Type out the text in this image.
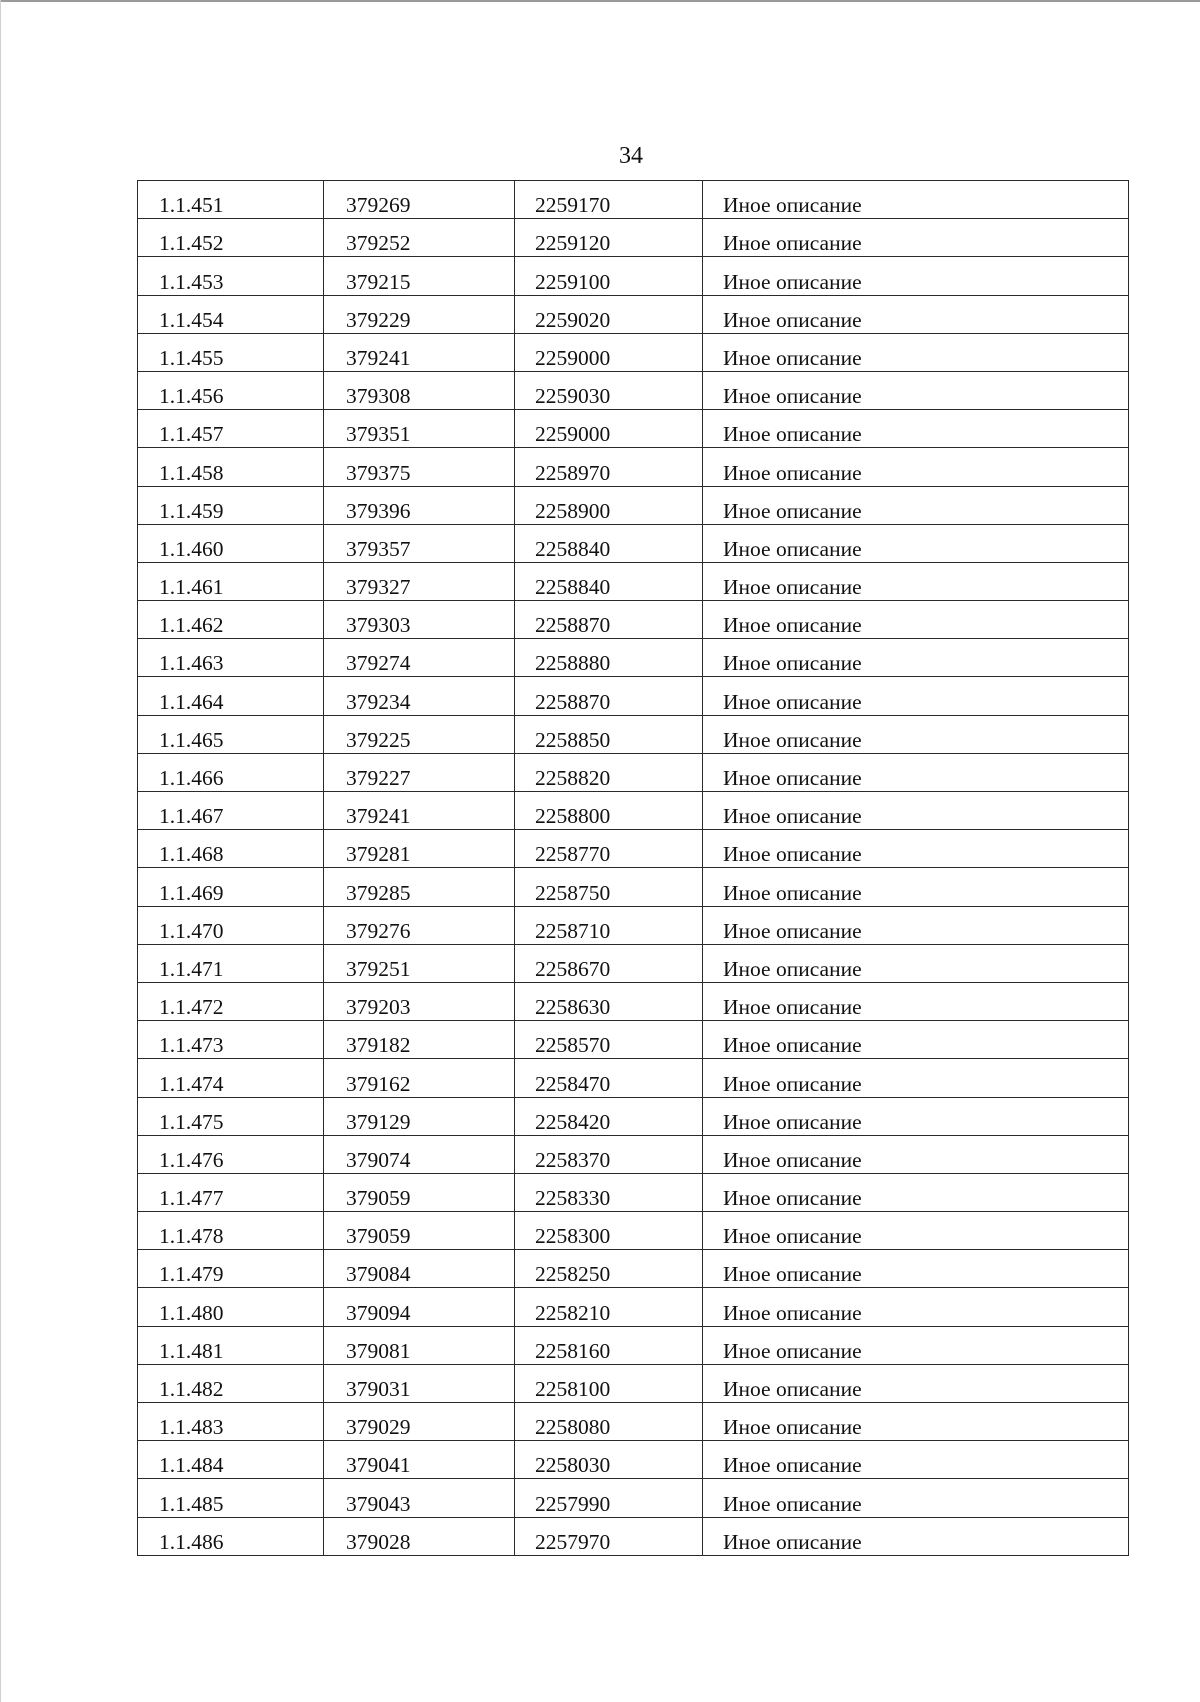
34
1.1.451	379269	2259170	Иное описание
1.1.452	379252	2259120	Иное описание
1.1.453	379215	2259100	Иное описание
1.1.454	379229	2259020	Иное описание
1.1.455	379241	2259000	Иное описание
1.1.456	379308	2259030	Иное описание
1.1.457	379351	2259000	Иное описание
1.1.458	379375	2258970	Иное описание
1.1.459	379396	2258900	Иное описание
1.1.460	379357	2258840	Иное описание
1.1.461	379327	2258840	Иное описание
1.1.462	379303	2258870	Иное описание
1.1.463	379274	2258880	Иное описание
1.1.464	379234	2258870	Иное описание
1.1.465	379225	2258850	Иное описание
1.1.466	379227	2258820	Иное описание
1.1.467	379241	2258800	Иное описание
1.1.468	379281	2258770	Иное описание
1.1.469	379285	2258750	Иное описание
1.1.470	379276	2258710	Иное описание
1.1.471	379251	2258670	Иное описание
1.1.472	379203	2258630	Иное описание
1.1.473	379182	2258570	Иное описание
1.1.474	379162	2258470	Иное описание
1.1.475	379129	2258420	Иное описание
1.1.476	379074	2258370	Иное описание
1.1.477	379059	2258330	Иное описание
1.1.478	379059	2258300	Иное описание
1.1.479	379084	2258250	Иное описание
1.1.480	379094	2258210	Иное описание
1.1.481	379081	2258160	Иное описание
1.1.482	379031	2258100	Иное описание
1.1.483	379029	2258080	Иное описание
1.1.484	379041	2258030	Иное описание
1.1.485	379043	2257990	Иное описание
1.1.486	379028	2257970	Иное описание
